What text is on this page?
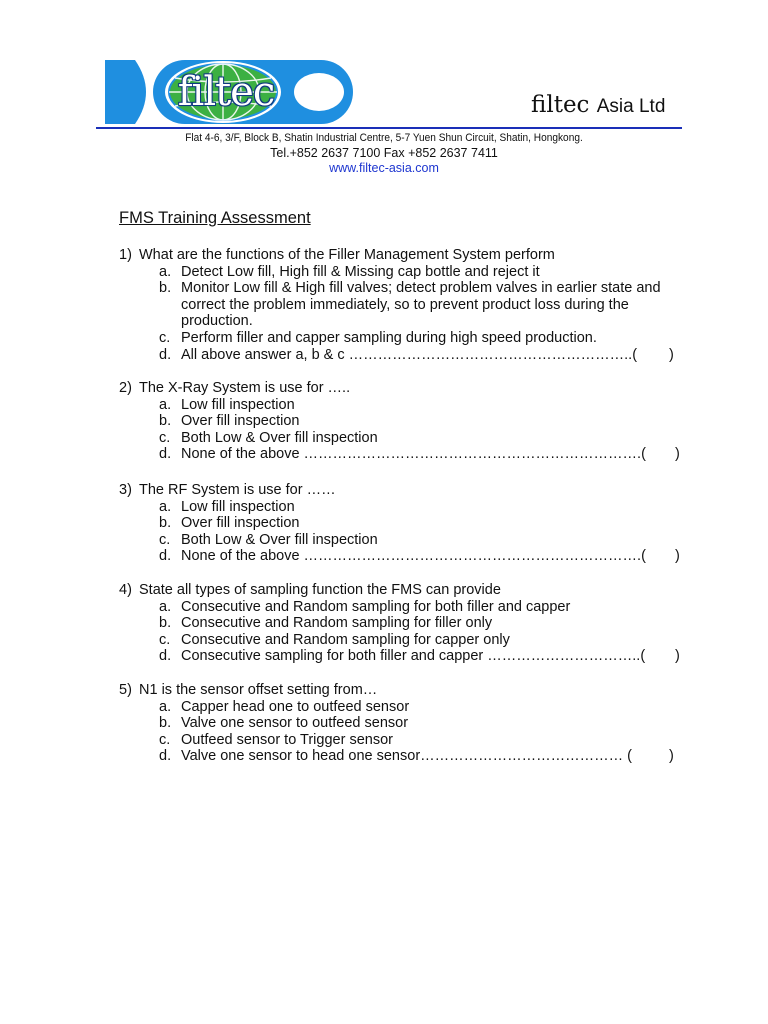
filtec	filtec Asia Ltd
Flat 4-6, 3/F, Block B, Shatin Industrial Centre, 5-7 Yuen Shun Circuit, Shatin, Hongkong.
Tel.+852 2637 7100 Fax +852 2637 7411
www.filtec-asia.com
FMS Training Assessment
1) What are the functions of the Filler Management System perform
a. Detect Low fill, High fill & Missing cap bottle and reject it
b. Monitor Low fill & High fill valves; detect problem valves in earlier state and correct the problem immediately, so to prevent product loss during the production.
c. Perform filler and capper sampling during high speed production.
d. All above answer a, b & c …………………………………………………..( )
2) The X-Ray System is use for …..
a. Low fill inspection
b. Over fill inspection
c. Both Low & Over fill inspection
d. None of the above …………………………………………………………….( )
3) The RF System is use for ……
a. Low fill inspection
b. Over fill inspection
c. Both Low & Over fill inspection
d. None of the above …………………………………………………………….( )
4) State all types of sampling function the FMS can provide
a. Consecutive and Random sampling for both filler and capper
b. Consecutive and Random sampling for filler only
c. Consecutive and Random sampling for capper only
d. Consecutive sampling for both filler and capper …………………………..( )
5) N1 is the sensor offset setting from…
a. Capper head one to outfeed sensor
b. Valve one sensor to outfeed sensor
c. Outfeed sensor to Trigger sensor
d. Valve one sensor to head one sensor…………………………………… (	)
